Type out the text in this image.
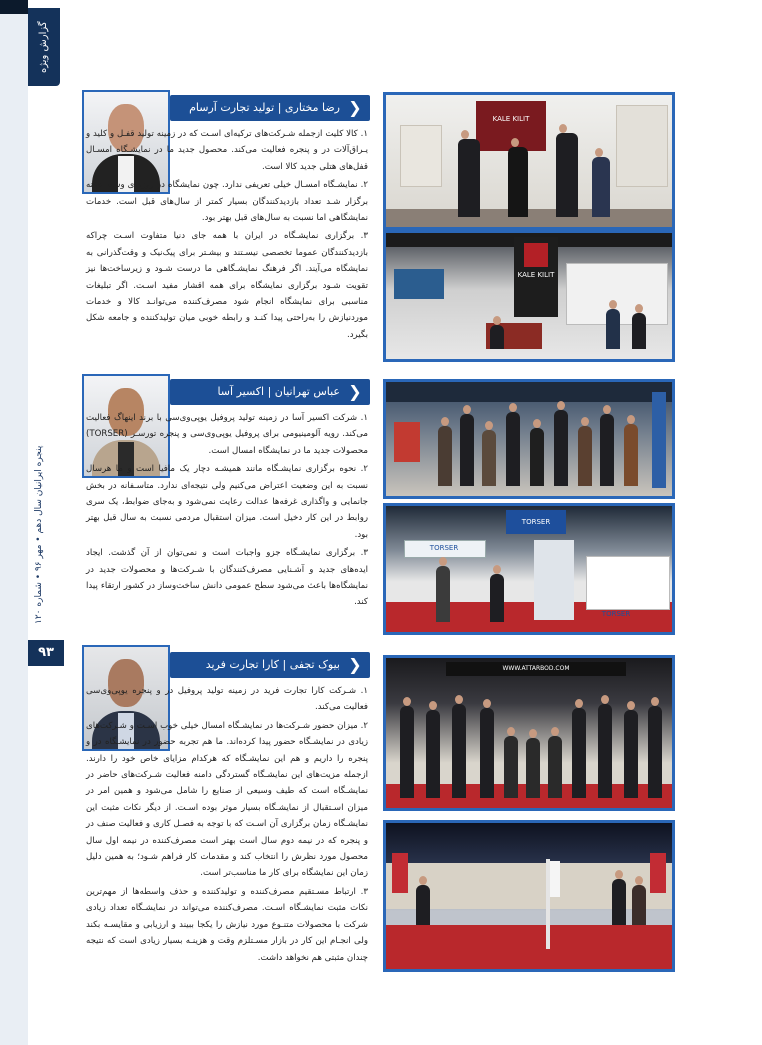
گزارش ویژه
پنجره ایرانیان سال دهم • مهر ۹۶ • شماره ۱۲۰
۹۳
رضا مختاری | تولید تجارت آرسام ❯

۱. کالا کلیت ازجمله شـرکت‌های ترکیه‌ای اسـت که در زمینه تولید قفـل و کلید و یـراق‌آلات در و پنجره فعالیت می‌کند. محصول جدید ما در نمایشـگاه امسـال قفل‌های هتلی جدید کالا است.

۲. نمایشـگاه امسـال خیلی تعریفی ندارد. چون نمایشگاه در روزهای وسط هفته برگزار شـد تعداد بازدیدکنندگان بسیار کمتر از سال‌های قبل است. خدمات نمایشگاهی اما نسبت به سال‌های قبل بهتر بود.

۳. برگزاری نمایشـگاه در ایران با همه جای دنیا متفاوت اسـت چراکه بازدیدکنندگان عموما تخصصی نیسـتند و بیشـتر برای پیک‌نیک و وقت‌گذرانی به نمایشگاه می‌آیند. اگر فرهنگ نمایشـگاهی ما درست شـود و زیرساخت‌ها نیز تقویت شـود برگزاری نمایشگاه برای همه اقشار مفید اسـت. اگر تبلیغات مناسبی برای نمایشگاه انجام شود مصرف‌کننده می‌توانـد کالا و خدمات موردنیازش را به‌راحتی پیدا کنـد و رابطه خوبی میان تولیدکننده و جامعه شکل بگیرد.

KALE KILIT
KALE KILIT
عباس تهرانیان | اکسیر آسا ❯

۱. شرکت اکسیر آسا در زمینه تولید پروفیل یوپی‌وی‌سی با برند اینهاگ فعالیت می‌کند. رویه آلومینیومی برای پروفیل یوپی‌وی‌سی و پنجره تورسـر (TORSER) محصولات جدید ما در نمایشگاه امسال است.

۲. نحوه برگزاری نمایشـگاه مانند همیشـه دچار یک مافیا است و ما هرسال نسبت به این وضعیت اعتراض می‌کنیم ولی نتیجه‌ای ندارد. متاسـفانه در بخش جانمایی و واگذاری غرفه‌ها عدالت رعایت نمی‌شود و به‌جای ضوابط، یک سری روابط در این کار دخیل است. میزان استقبال مردمی نسبت به سال قبل بهتر بود.

۳. برگزاری نمایشـگاه جزو واجبات است و نمی‌توان از آن گذشت. ایجاد ایده‌های جدید و آشـنایی مصرف‌کنندگان با شـرکت‌ها و محصولات جدید در نمایشگاه‌ها باعث می‌شود سطح عمومی دانش ساخت‌وساز در کشور ارتقاء پیدا کند.

TORSER
TORSER
TORSER
بیوک تجفی | کارا تجارت فرید ❯

۱. شـرکت کارا تجارت فرید در زمینه تولید پروفیل در و پنجره یوپی‌وی‌سی فعالیت می‌کند.

۲. میزان حضور شـرکت‌ها در نمایشـگاه امسال خیلی خوب اسـت و شـرکت‌های زیادی در نمایشـگاه حضور پیدا کرده‌اند. ما هم تجربه حضور در نمایشـگاه در و پنجره را داریم و هم این نمایشـگاه که هرکدام مزایای خاص خود را دارند. ازجمله مزیت‌های این نمایشـگاه گستردگی دامنه فعالیت شـرکت‌های حاضر در نمایشـگاه است که طیف وسیعی از صنایع را شامل می‌شود و همین امر در میزان اسـتقبال از نمایشـگاه بسیار موثر بوده اسـت. از دیگر نکات مثبت این نمایشـگاه زمان برگزاری آن اسـت که با توجه به فصـل کاری و فعالیت صنف در و پنجره که در نیمه دوم سال است بهتر است مصرف‌کننده در نیمه اول سال محصول مورد نظرش را انتخاب کند و مقدمات کار فراهم شـود؛ به همین دلیل زمان این نمایشگاه برای کار ما مناسب‌تر است.

۳. ارتباط مسـتقیم مصرف‌کننده و تولیدکننده و حذف واسطه‌ها از مهم‌ترین نکات مثبت نمایشـگاه اسـت. مصرف‌کننده می‌تواند در نمایشـگاه تعداد زیادی شرکت با محصولات متنـوع مورد نیازش را یکجا ببیند و ارزیابی و مقایسـه بکند ولی انجـام این کار در بازار مسـتلزم وقت و هزینـه بسیار زیادی است که نتیجه چندان مثبتی هم نخواهد داشت.

WWW.ATTARBOD.COM
